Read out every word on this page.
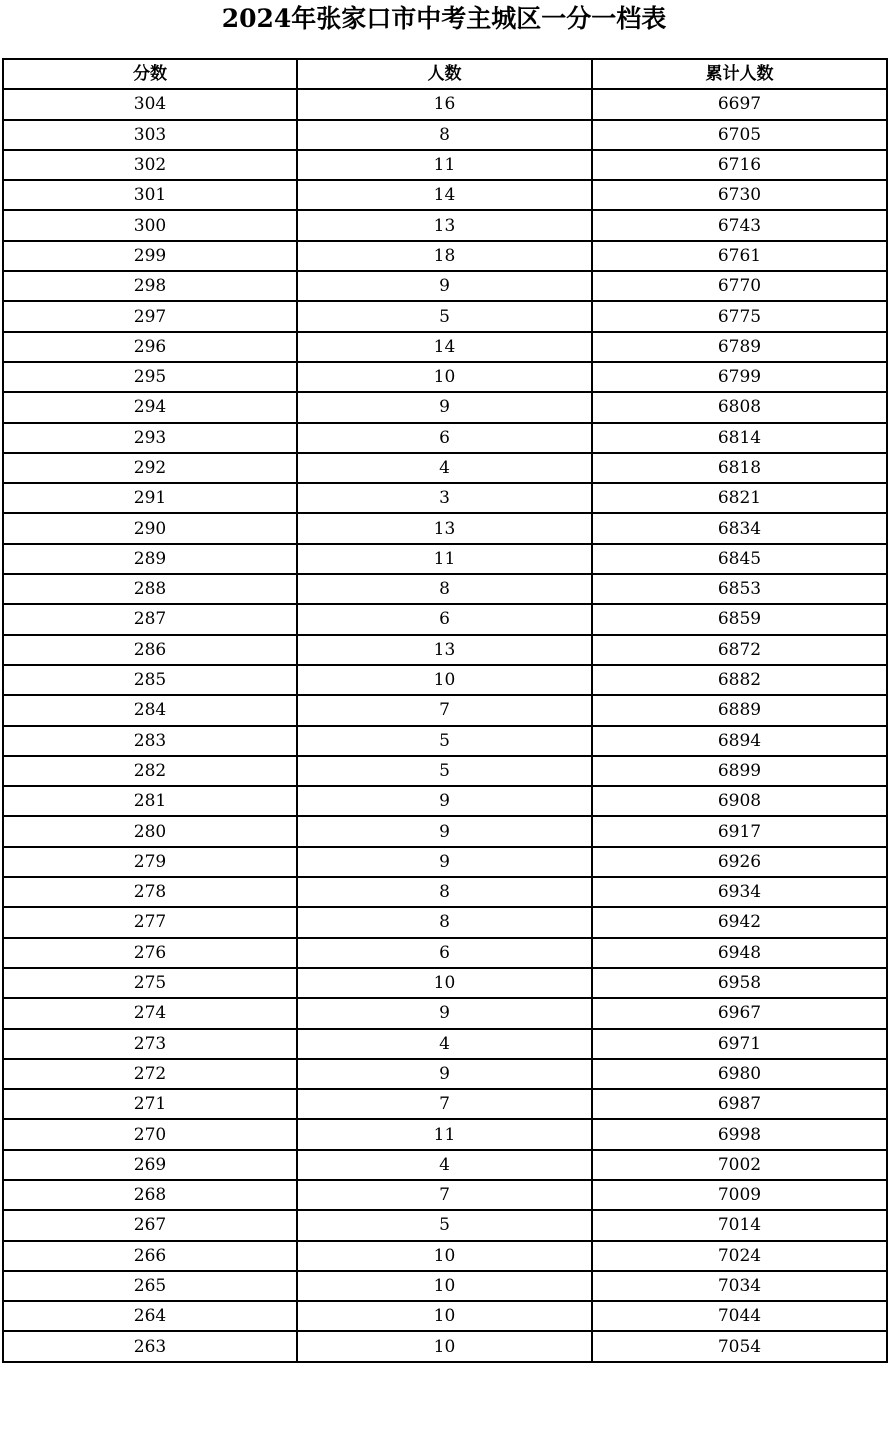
2024年张家口市中考主城区一分一档表
分数	人数	累计人数
304	16	6697
303	8	6705
302	11	6716
301	14	6730
300	13	6743
299	18	6761
298	9	6770
297	5	6775
296	14	6789
295	10	6799
294	9	6808
293	6	6814
292	4	6818
291	3	6821
290	13	6834
289	11	6845
288	8	6853
287	6	6859
286	13	6872
285	10	6882
284	7	6889
283	5	6894
282	5	6899
281	9	6908
280	9	6917
279	9	6926
278	8	6934
277	8	6942
276	6	6948
275	10	6958
274	9	6967
273	4	6971
272	9	6980
271	7	6987
270	11	6998
269	4	7002
268	7	7009
267	5	7014
266	10	7024
265	10	7034
264	10	7044
263	10	7054
